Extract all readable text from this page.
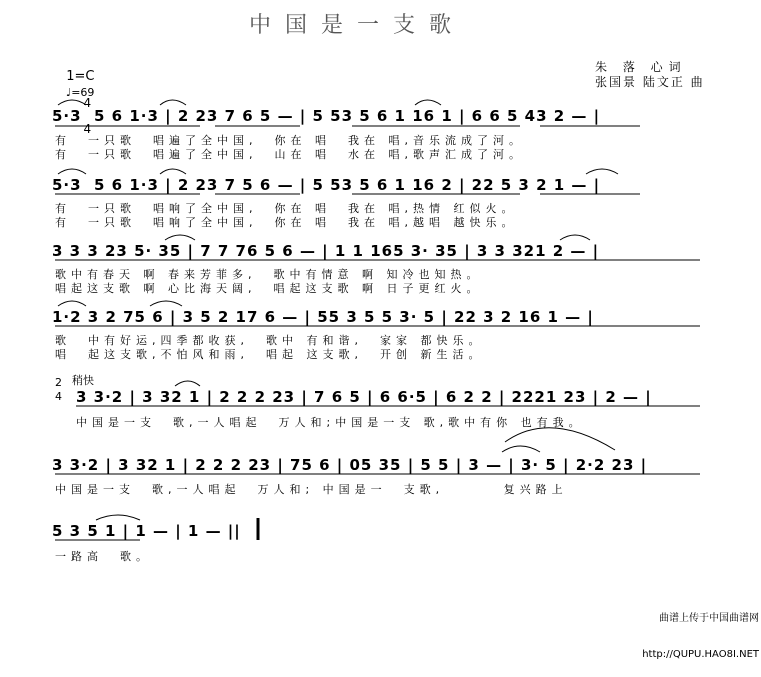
中国是一支歌
朱 落 心词
张国景 陆文正 曲

1=C

4

4

♩=69
稍快
2
4
5·3  5 6 1·3 | 2 23 7 6 5 — | 5 53 5 6 1 16 1 | 6 6 5 43 2 — |
有  一只歌  唱遍了全中国,  你在 唱  我在 唱,音乐流成了河。
有  一只歌  唱遍了全中国,  山在 唱  水在 唱,歌声汇成了河。
5·3  5 6 1·3 | 2 23 7 5 6 — | 5 53 5 6 1 16 2 | 22 5 3 2 1 — |
有  一只歌  唱响了全中国,  你在 唱  我在 唱,热情 红似火。
有  一只歌  唱响了全中国,  你在 唱  我在 唱,越唱 越快乐。
3 3 3 23 5· 35 | 7 7 76 5 6 — | 1 1 165 3· 35 | 3 3 321 2 — |
歌中有春天 啊 春来芳菲多,  歌中有情意 啊 知冷也知热。
唱起这支歌 啊 心比海天阔,  唱起这支歌 啊 日子更红火。
1·2 3 2 75 6 | 3 5 2 17 6 — | 55 3 5 5 3· 5 | 22 3 2 16 1 — |
歌  中有好运,四季都收获,  歌中 有和谐,  家家 都快乐。
唱  起这支歌,不怕风和雨,  唱起 这支歌,  开创 新生活。
3 3·2 | 3 32 1 | 2 2 2 23 | 7 6 5 | 6 6·5 | 6 2 2 | 2221 23 | 2 — |
中国是一支  歌,一人唱起  万人和;中国是一支 歌,歌中有你 也有我。
3 3·2 | 3 32 1 | 2 2 2 23 | 75 6 | 05 35 | 5 5 | 3 — | 3· 5 | 2·2 23 |
中国是一支  歌,一人唱起  万人和; 中国是一  支歌,       复兴路上
5 3 5 1 | 1 — | 1 — ||
一路高  歌。

曲谱上传于中国曲谱网

http://QUPU.HAO8I.NET
